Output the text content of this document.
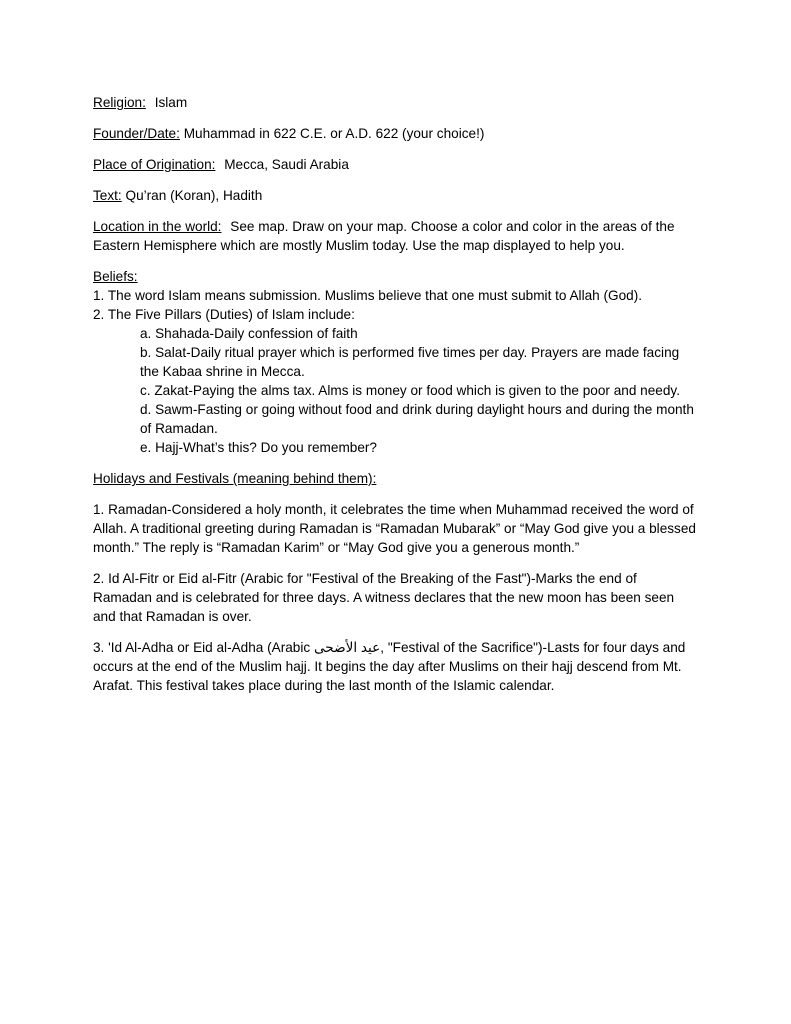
Religion: Islam

Founder/Date: Muhammad in 622 C.E. or A.D. 622 (your choice!)

Place of Origination: Mecca, Saudi Arabia

Text: Qu’ran (Koran), Hadith

Location in the world: See map. Draw on your map. Choose a color and color in the areas of the Eastern Hemisphere which are mostly Muslim today. Use the map displayed to help you.

Beliefs:

1. The word Islam means submission. Muslims believe that one must submit to Allah (God).

2. The Five Pillars (Duties) of Islam include:

a. Shahada-Daily confession of faith

b. Salat-Daily ritual prayer which is performed five times per day. Prayers are made facing the Kabaa shrine in Mecca.

c. Zakat-Paying the alms tax. Alms is money or food which is given to the poor and needy.

d. Sawm-Fasting or going without food and drink during daylight hours and during the month of Ramadan.

e. Hajj-What’s this? Do you remember?

Holidays and Festivals (meaning behind them):

1. Ramadan-Considered a holy month, it celebrates the time when Muhammad received the word of Allah. A traditional greeting during Ramadan is “Ramadan Mubarak” or “May God give you a blessed month.” The reply is “Ramadan Karim” or “May God give you a generous month.”

2. Id Al-Fitr or Eid al-Fitr (Arabic for "Festival of the Breaking of the Fast")-Marks the end of Ramadan and is celebrated for three days. A witness declares that the new moon has been seen and that Ramadan is over.

3. 'Id Al-Adha or Eid al-Adha (Arabic عيد الأضحى, "Festival of the Sacrifice")-Lasts for four days and occurs at the end of the Muslim hajj. It begins the day after Muslims on their hajj descend from Mt. Arafat. This festival takes place during the last month of the Islamic calendar.
